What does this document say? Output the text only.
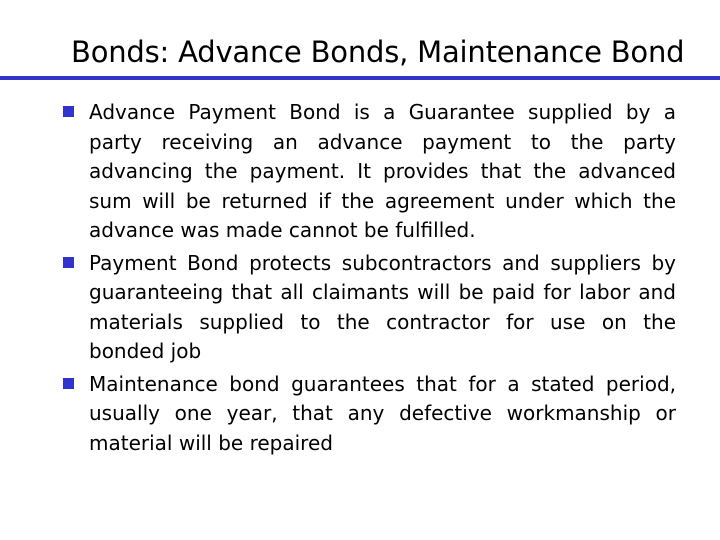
Bonds: Advance Bonds, Maintenance Bond
Advance Payment Bond is a Guarantee supplied by a party receiving an advance payment to the party advancing the payment. It provides that the advanced sum will be returned if the agreement under which the advance was made cannot be fulfilled.
Payment Bond protects subcontractors and suppliers by guaranteeing that all claimants will be paid for labor and materials supplied to the contractor for use on the bonded job
Maintenance bond guarantees that for a stated period, usually one year, that any defective workmanship or material will be repaired
